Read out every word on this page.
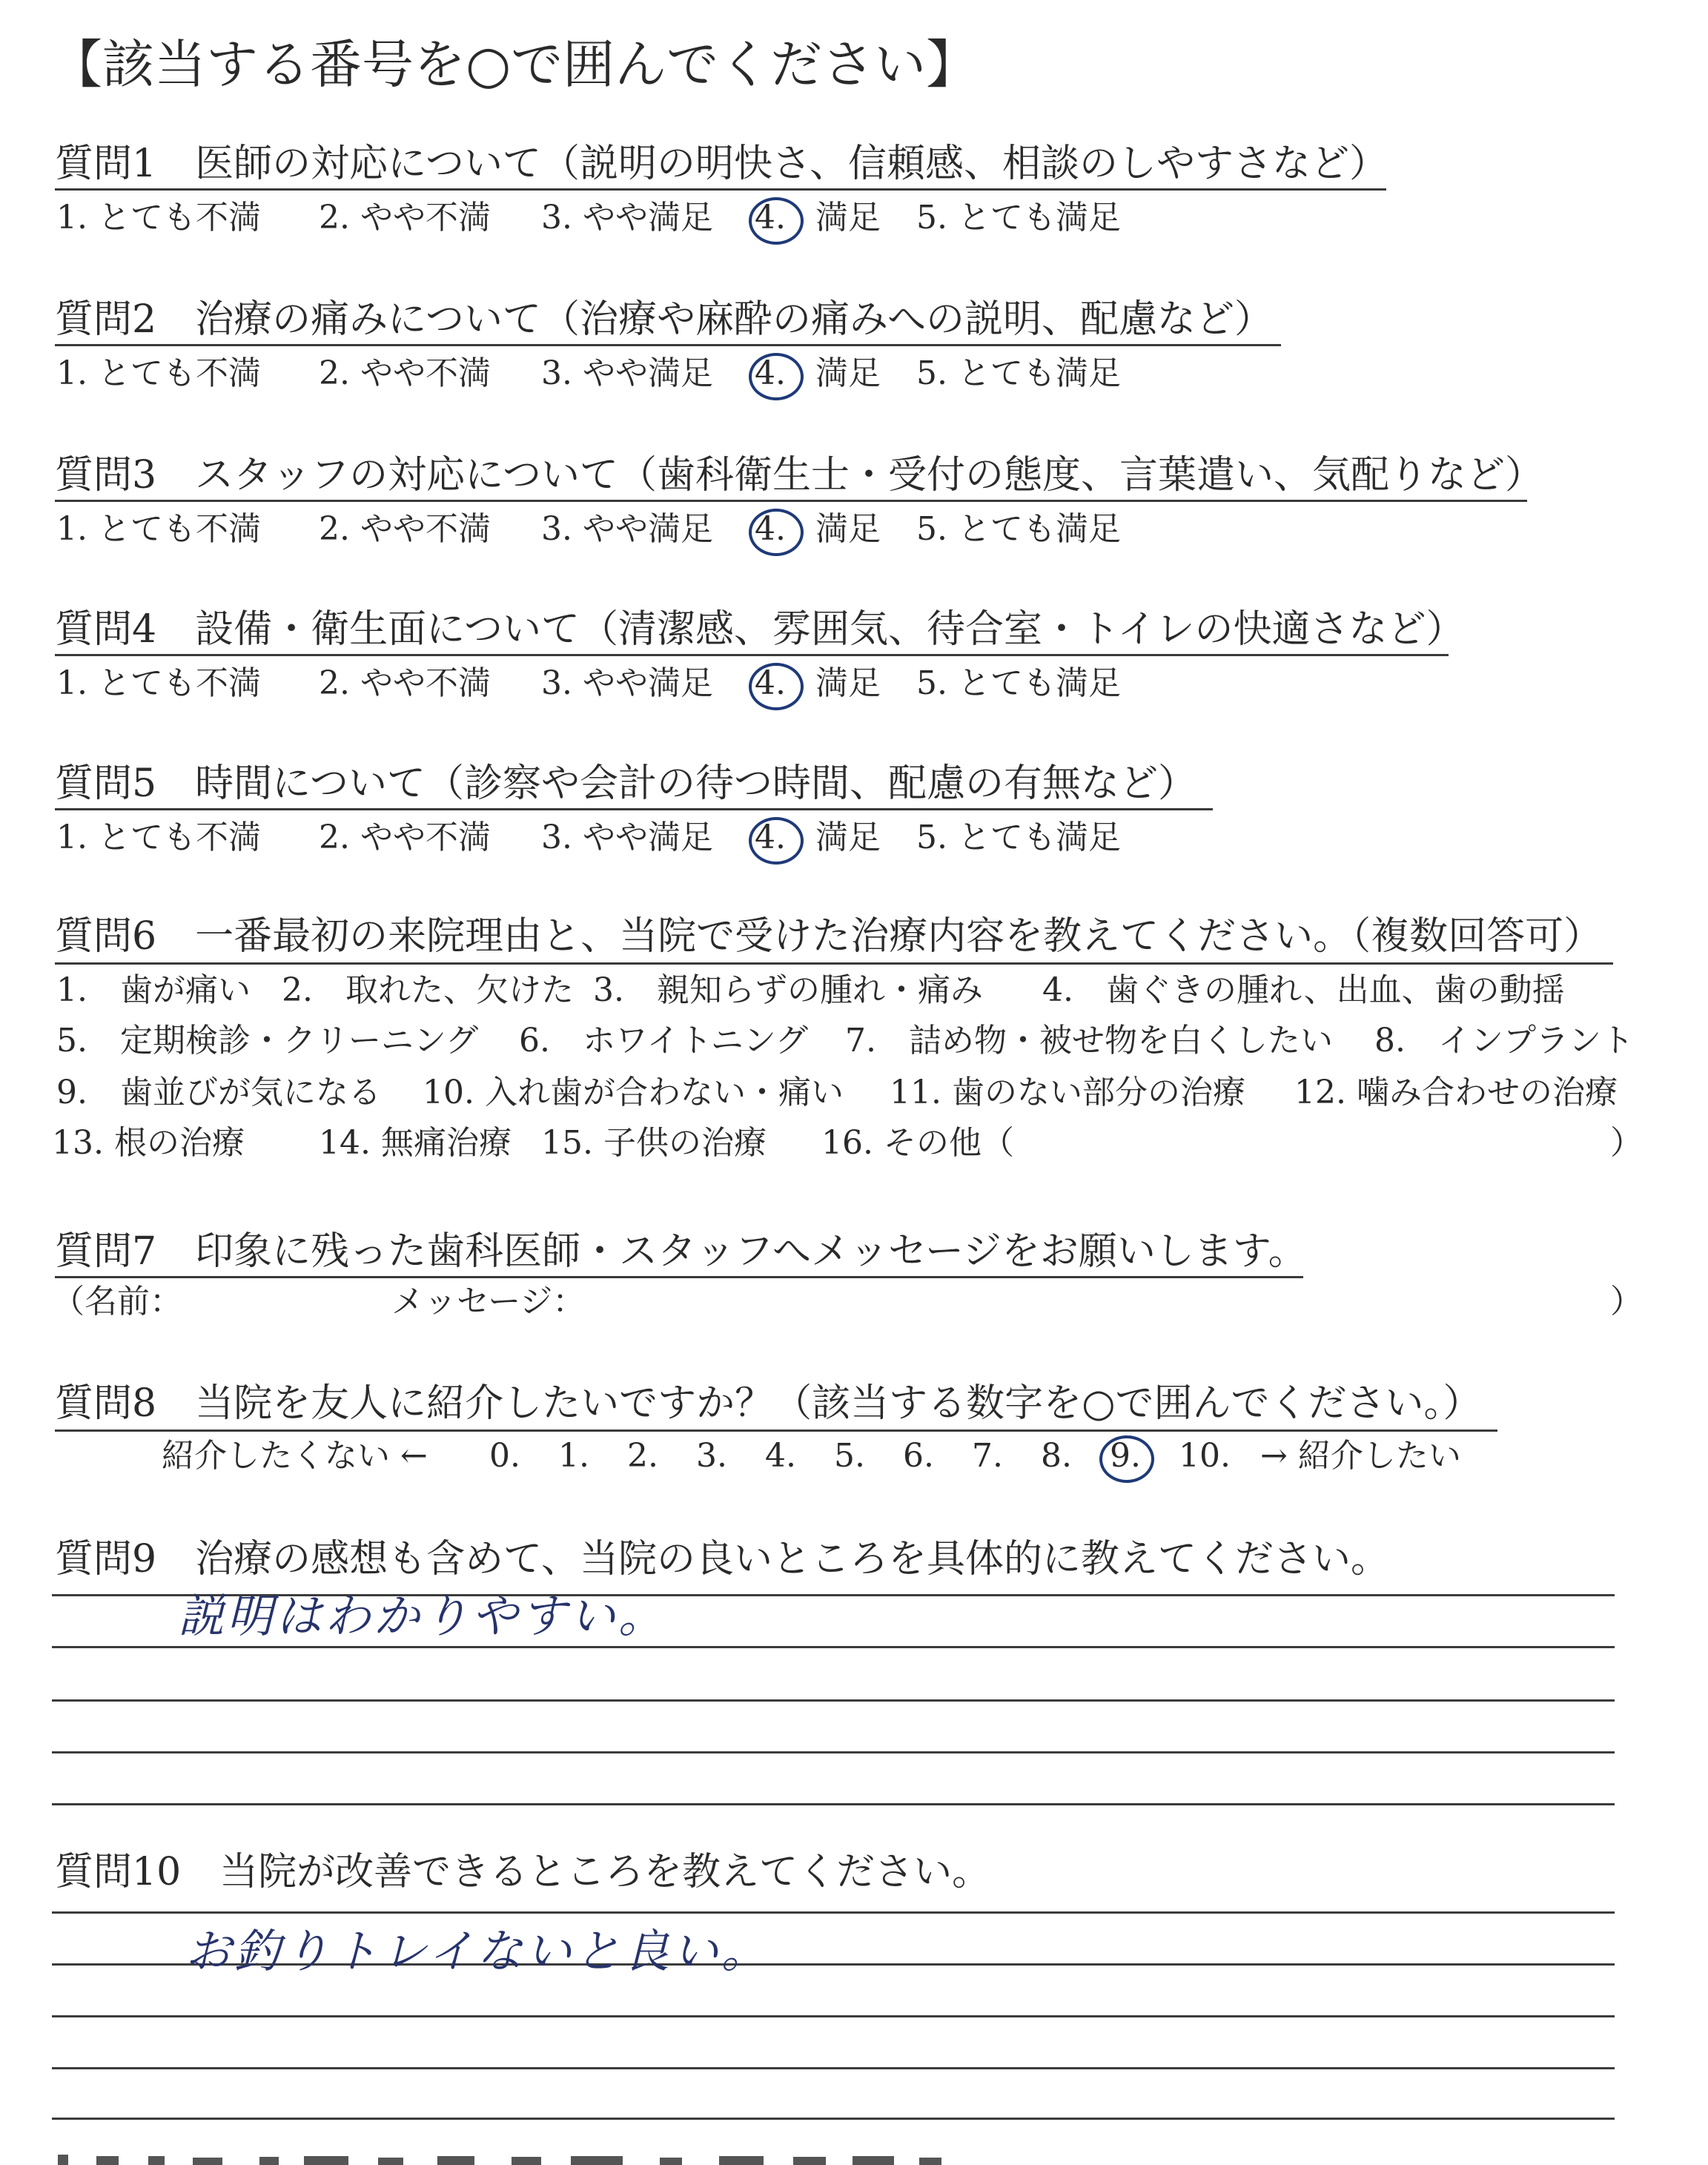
【該当する番号を○で囲んでください】
質問1　医師の対応について（説明の明快さ、信頼感、相談のしやすさなど）
1. とても不満 2. やや不満 3. やや満足 4. 満足 5. とても満足
質問2　治療の痛みについて（治療や麻酔の痛みへの説明、配慮など）
1. とても不満 2. やや不満 3. やや満足 4. 満足 5. とても満足
質問3　スタッフの対応について（歯科衛生士・受付の態度、言葉遣い、気配りなど）
1. とても不満 2. やや不満 3. やや満足 4. 満足 5. とても満足
質問4　設備・衛生面について（清潔感、雰囲気、待合室・トイレの快適さなど）
1. とても不満 2. やや不満 3. やや満足 4. 満足 5. とても満足
質問5　時間について（診察や会計の待つ時間、配慮の有無など）
1. とても不満 2. やや不満 3. やや満足 4. 満足 5. とても満足
質問6　一番最初の来院理由と、当院で受けた治療内容を教えてください。（複数回答可）
1.　歯が痛い 2.　取れた、欠けた 3.　親知らずの腫れ・痛み 4.　歯ぐきの腫れ、出血、歯の動揺
5.　定期検診・クリーニング 6.　ホワイトニング 7.　詰め物・被せ物を白くしたい 8.　インプラント
9.　歯並びが気になる 10. 入れ歯が合わない・痛い 11. 歯のない部分の治療 12. 噛み合わせの治療
13. 根の治療 14. 無痛治療 15. 子供の治療 16. その他（	）
質問7　印象に残った歯科医師・スタッフへメッセージをお願いします。
（名前：	メッセージ：	）
質問8　当院を友人に紹介したいですか？（該当する数字を○で囲んでください。）
紹介したくない ← 0. 1. 2. 3. 4. 5. 6. 7. 8. 9. 10. → 紹介したい
質問9　治療の感想も含めて、当院の良いところを具体的に教えてください。
説明はわかりやすい。
質問10　当院が改善できるところを教えてください。
お釣りトレイないと良い。
